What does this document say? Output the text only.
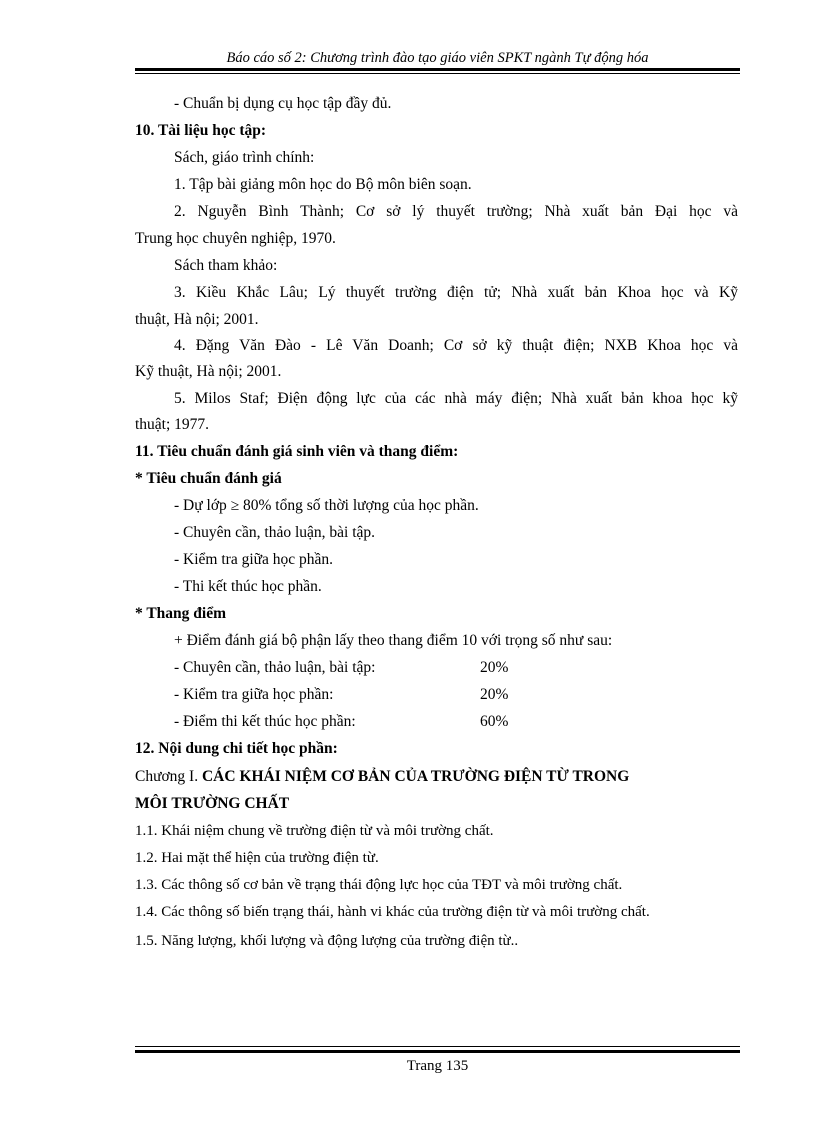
Báo cáo số 2: Chương trình đào tạo giáo viên SPKT ngành Tự động hóa
- Chuẩn bị dụng cụ học tập đầy đủ.
10. Tài liệu học tập:
Sách, giáo trình chính:
1. Tập bài giảng môn học do Bộ môn biên soạn.
2. Nguyễn Bình Thành; Cơ sở lý thuyết trường; Nhà xuất bản Đại học và
Trung học chuyên nghiệp, 1970.
Sách tham khảo:
3. Kiều Khắc Lâu; Lý thuyết trường điện tử; Nhà xuất bản Khoa học và Kỹ
thuật, Hà nội; 2001.
4. Đặng Văn Đào - Lê Văn Doanh; Cơ sở kỹ thuật điện; NXB Khoa học và
Kỹ thuật, Hà nội; 2001.
5. Milos Staf; Điện động lực của các nhà máy điện; Nhà xuất bản khoa học kỹ
thuật; 1977.
11. Tiêu chuẩn đánh giá sinh viên và thang điểm:
* Tiêu chuẩn đánh giá
- Dự lớp ≥ 80% tổng số thời lượng của học phần.
- Chuyên cần, thảo luận, bài tập.
- Kiểm tra giữa học phần.
- Thi kết thúc học phần.
* Thang điểm
+ Điểm đánh giá bộ phận lấy theo thang điểm 10 với trọng số như sau:
- Chuyên cần, thảo luận, bài tập:	20%
- Kiểm tra giữa học phần:	20%
- Điểm thi kết thúc học phần:	60%
12. Nội dung chi tiết học phần:
Chương I. CÁC KHÁI NIỆM CƠ BẢN CỦA TRƯỜNG ĐIỆN TỪ TRONG
MÔI TRƯỜNG CHẤT
1.1. Khái niệm chung về trường điện từ và môi trường chất.
1.2. Hai mặt thể hiện của trường điện từ.
1.3. Các thông số cơ bản về trạng thái động lực học của TĐT và môi trường chất.
1.4. Các thông số biến trạng thái, hành vi khác của trường điện từ và môi trường chất.
1.5. Năng lượng, khối lượng và động lượng của trường điện từ..
Trang 135
